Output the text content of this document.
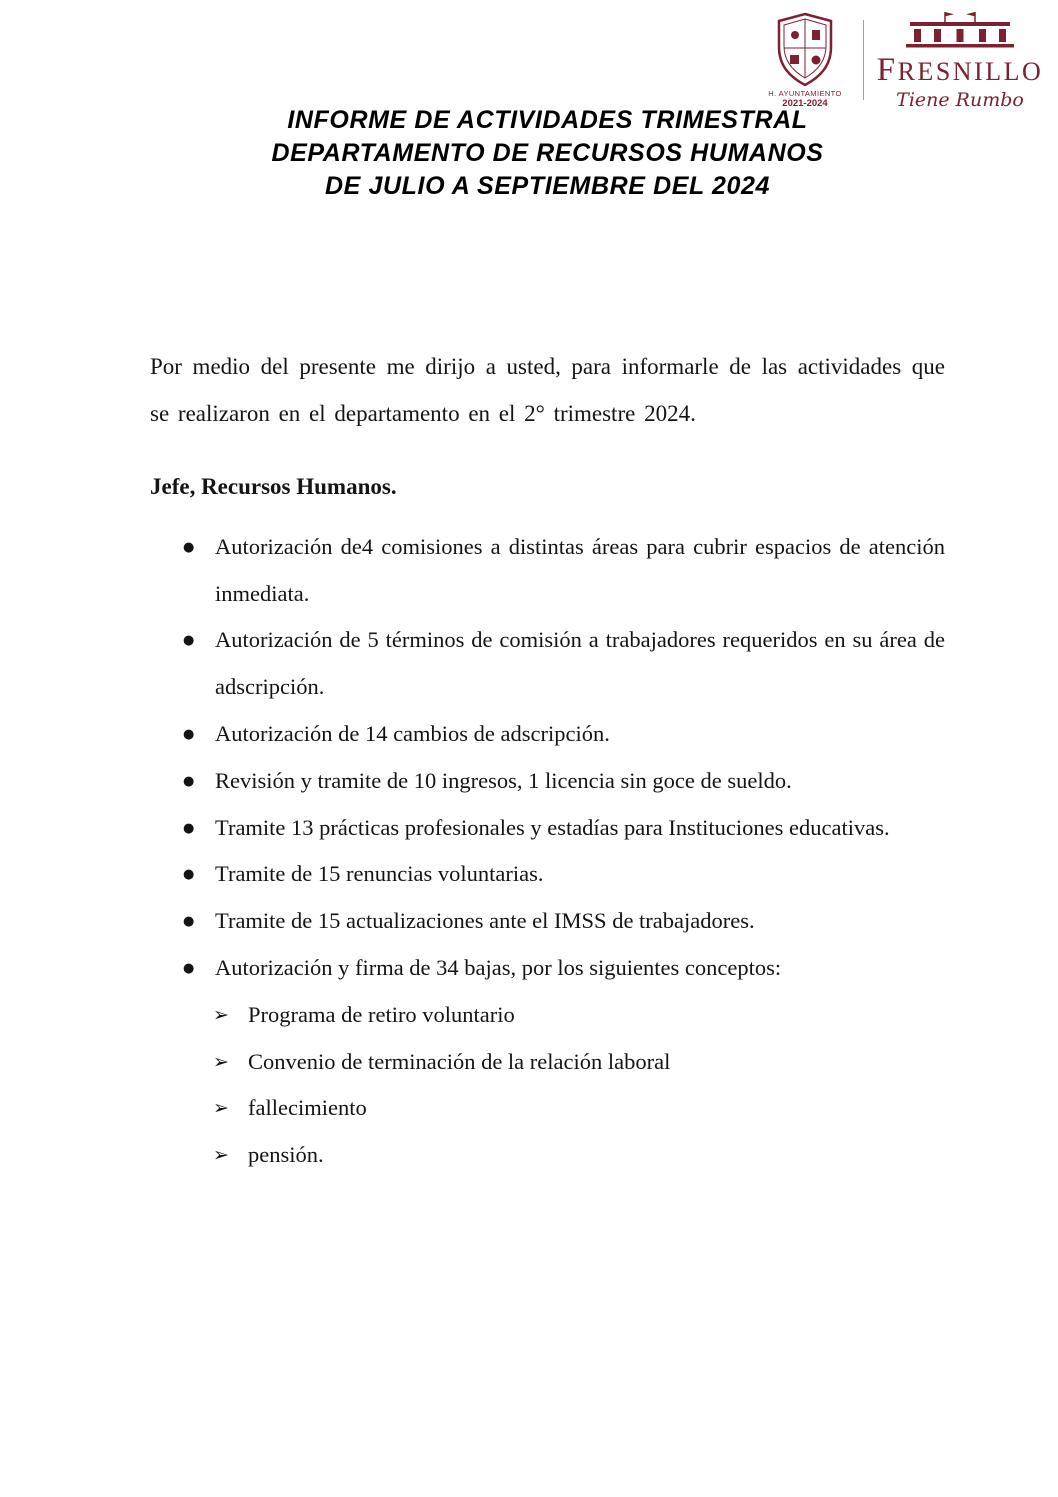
H. AYUNTAMIENTO
2021-2024
FRESNILLO
Tiene Rumbo
INFORME DE ACTIVIDADES TRIMESTRAL
DEPARTAMENTO DE RECURSOS HUMANOS
DE JULIO A SEPTIEMBRE DEL 2024

Por medio del presente me dirijo a usted, para informarle de las actividades que se realizaron en el departamento en el 2° trimestre 2024.

Jefe, Recursos Humanos.
● Autorización de4 comisiones a distintas áreas para cubrir espacios de atención inmediata.
● Autorización de 5 términos de comisión a trabajadores requeridos en su área de adscripción.
● Autorización de 14 cambios de adscripción.
● Revisión y tramite de 10 ingresos, 1 licencia sin goce de sueldo.
● Tramite 13 prácticas profesionales y estadías para Instituciones educativas.
● Tramite de 15 renuncias voluntarias.
● Tramite de 15 actualizaciones ante el IMSS de trabajadores.
● Autorización y firma de 34 bajas, por los siguientes conceptos:
➢ Programa de retiro voluntario
➢ Convenio de terminación de la relación laboral
➢ fallecimiento
➢ pensión.
